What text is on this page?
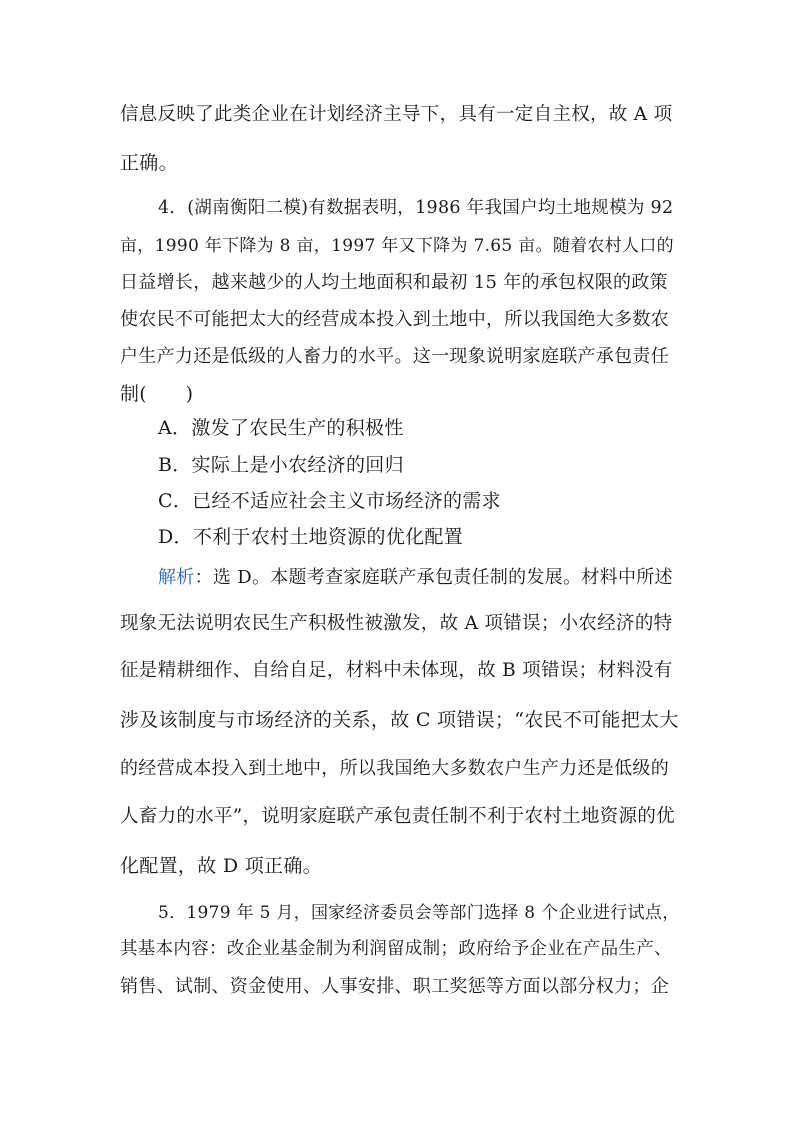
信息反映了此类企业在计划经济主导下，具有一定自主权，故 A 项
正确。
4．(湖南衡阳二模)有数据表明，1986 年我国户均土地规模为 92
亩，1990 年下降为 8 亩，1997 年又下降为 7.65 亩。随着农村人口的
日益增长，越来越少的人均土地面积和最初 15 年的承包权限的政策
使农民不可能把太大的经营成本投入到土地中，所以我国绝大多数农
户生产力还是低级的人畜力的水平。这一现象说明家庭联产承包责任
制(　　)
A．激发了农民生产的积极性
B．实际上是小农经济的回归
C．已经不适应社会主义市场经济的需求
D．不利于农村土地资源的优化配置
解析：选 D。本题考查家庭联产承包责任制的发展。材料中所述
现象无法说明农民生产积极性被激发，故 A 项错误；小农经济的特
征是精耕细作、自给自足，材料中未体现，故 B 项错误；材料没有
涉及该制度与市场经济的关系，故 C 项错误；“农民不可能把太大
的经营成本投入到土地中，所以我国绝大多数农户生产力还是低级的
人畜力的水平”，说明家庭联产承包责任制不利于农村土地资源的优
化配置，故 D 项正确。
5．1979 年 5 月，国家经济委员会等部门选择 8 个企业进行试点，
其基本内容：改企业基金制为利润留成制；政府给予企业在产品生产、
销售、试制、资金使用、人事安排、职工奖惩等方面以部分权力；企
